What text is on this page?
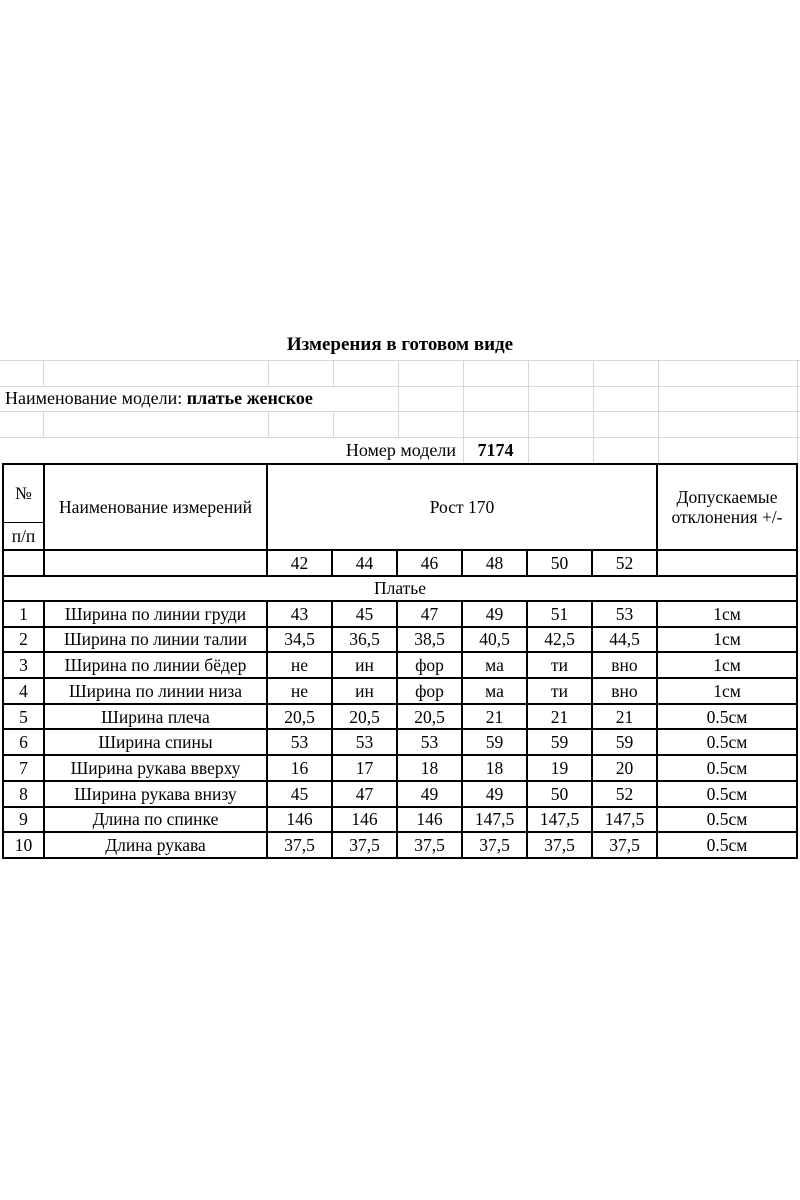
Измерения в готовом виде
Наименование модели: платье женское
Номер модели	7174
№
п/п
Наименование измерений	Рост 170
Допускаемые
отклонения +/-
Платье
42	44	46	48	50	52
1	Ширина по линии груди	43	45	47	49	51	53	1см
2	Ширина по линии талии	34,5	36,5	38,5	40,5	42,5	44,5	1см
3	Ширина по линии бёдер	не	ин	фор	ма	ти	вно	1см
4	Ширина по линии низа	не	ин	фор	ма	ти	вно	1см
5	Ширина плеча	20,5	20,5	20,5	21	21	21	0.5см
6	Ширина спины	53	53	53	59	59	59	0.5см
7	Ширина рукава вверху	16	17	18	18	19	20	0.5см
8	Ширина рукава внизу	45	47	49	49	50	52	0.5см
9	Длина по спинке	146	146	146	147,5	147,5	147,5	0.5см
10	Длина рукава	37,5	37,5	37,5	37,5	37,5	37,5	0.5см
